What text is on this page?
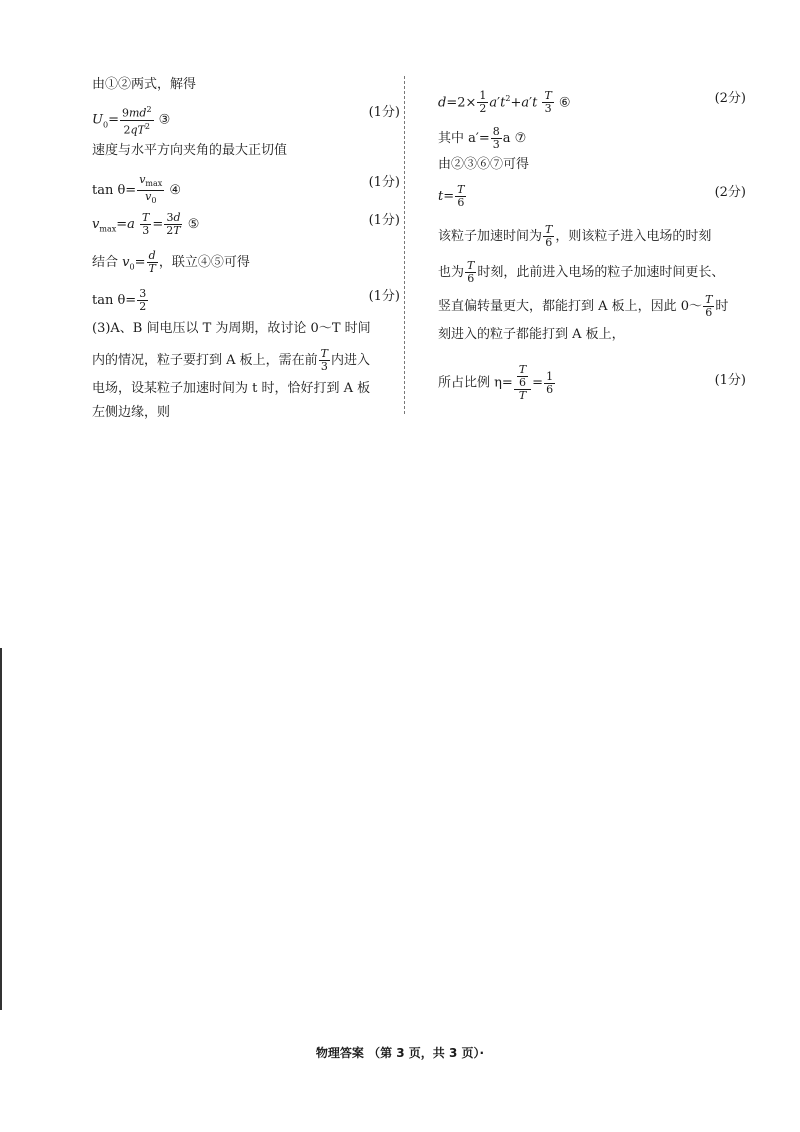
由①②两式，解得
$U_0= \frac{9md^2}{2qT^2}$ ③
(1分)
速度与水平方向夹角的最大正切值
$\tan \theta= \frac{v_{max}}{v_0}$ ④
(1分)
$v_{max}=a \frac{T}{3} = \frac{3d}{2T}$ ⑤	(1分)
结合 $v_0= \frac{d}{T}$ ，联立④⑤可得
$\tan \theta= \frac{3}{2}$	(1分)
(3)A、B 间电压以 T 为周期，故讨论 0～T 时间
内的情况，粒子要打到 A 板上，需在前 $\frac{T}{3}$ 内进入
电场，设某粒子加速时间为 t 时，恰好打到 A 板
左侧边缘，则
$d=2\times \frac{1}{2} a't^2+a't \frac{T}{3}$ ⑥	(2分)
其中 $a'= \frac{8}{3}$ a ⑦
由②③⑥⑦可得
$t= \frac{T}{6}$	(2分)
该粒子加速时间为 $\frac{T}{6}$ ，则该粒子进入电场的时刻
也为 $\frac{T}{6}$ 时刻，此前进入电场的粒子加速时间更长、
竖直偏转量更大，都能打到 A 板上，因此 0～ $\frac{T}{6}$ 时
刻进入的粒子都能打到 A 板上，
所占比例 $\eta= \frac{\frac{T}{6}}{T} = \frac{1}{6}$	(1分)
物理答案 （第 3 页，共 3 页）·
